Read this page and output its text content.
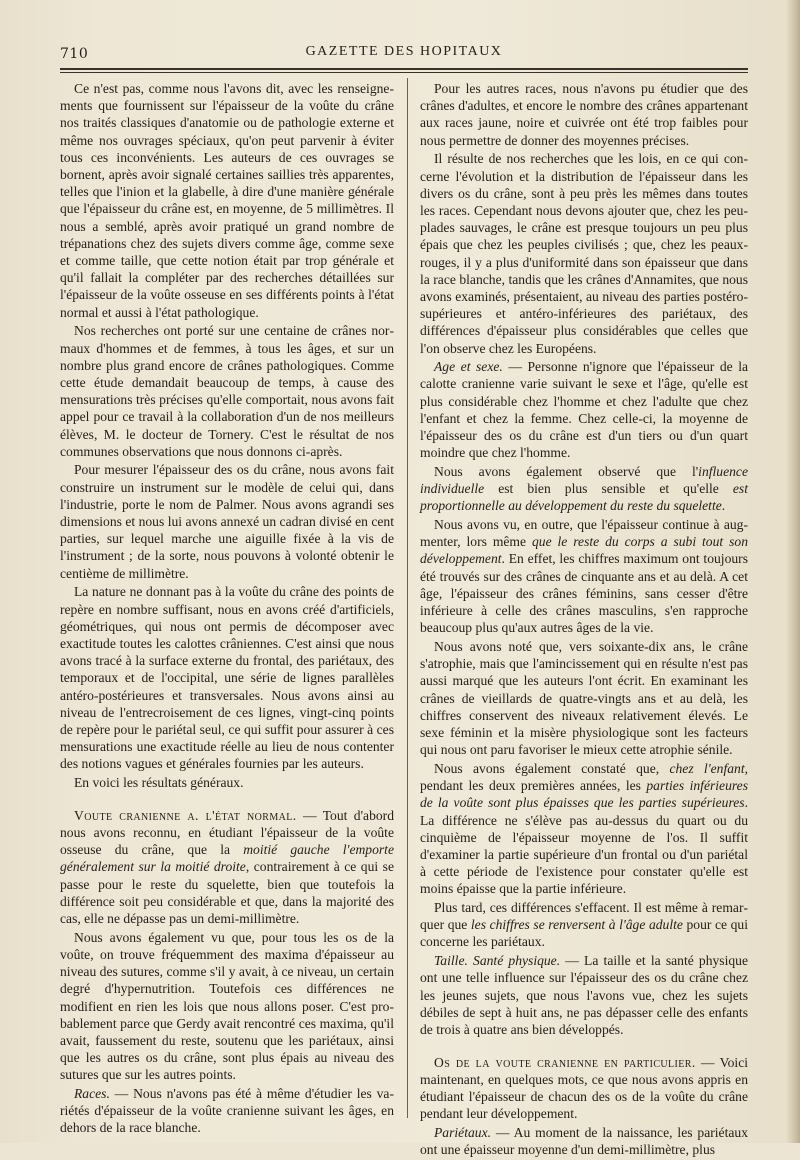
710	GAZETTE DES HOPITAUX

Ce n'est pas, comme nous l'avons dit, avec les renseignements que fournissent sur l'épaisseur de la voûte du crâne nos traités classiques d'anatomie ou de pathologie externe et même nos ouvrages spéciaux, qu'on peut parvenir à éviter tous ces inconvénients. Les auteurs de ces ouvrages se bornent, après avoir signalé certaines saillies très apparentes, telles que l'inion et la glabelle, à dire d'une manière générale que l'épaisseur du crâne est, en moyenne, de 5 millimètres. Il nous a semblé, après avoir pratiqué un grand nombre de trépanations chez des sujets divers comme âge, comme sexe et comme taille, que cette notion était par trop générale et qu'il fallait la compléter par des recherches détaillées sur l'épaisseur de la voûte osseuse en ses différents points à l'état normal et aussi à l'état pathologique.

Nos recherches ont porté sur une centaine de crânes normaux d'hommes et de femmes, à tous les âges, et sur un nombre plus grand encore de crânes pathologiques. Comme cette étude demandait beaucoup de temps, à cause des mensurations très précises qu'elle comportait, nous avons fait appel pour ce travail à la collaboration d'un de nos meilleurs élèves, M. le docteur de Tornery. C'est le résultat de nos communes observations que nous donnons ci-après.

Pour mesurer l'épaisseur des os du crâne, nous avons fait construire un instrument sur le modèle de celui qui, dans l'industrie, porte le nom de Palmer. Nous avons agrandi ses dimensions et nous lui avons annexé un cadran divisé en cent parties, sur lequel marche une aiguille fixée à la vis de l'instrument ; de la sorte, nous pouvons à volonté obtenir le centième de millimètre.

La nature ne donnant pas à la voûte du crâne des points de repère en nombre suffisant, nous en avons créé d'artificiels, géométriques, qui nous ont permis de décomposer avec exactitude toutes les calottes crâniennes. C'est ainsi que nous avons tracé à la surface externe du frontal, des pariétaux, des temporaux et de l'occipital, une série de lignes parallèles antéro-postérieures et transversales. Nous avons ainsi au niveau de l'entrecroisement de ces lignes, vingt-cinq points de repère pour le pariétal seul, ce qui suffit pour assurer à ces mensurations une exactitude réelle au lieu de nous contenter des notions vagues et générales fournies par les auteurs.

En voici les résultats généraux.

Voute cranienne a. l'état normal. — Tout d'abord nous avons reconnu, en étudiant l'épaisseur de la voûte osseuse du crâne, que la moitié gauche l'emporte généralement sur la moitié droite, contrairement à ce qui se passe pour le reste du squelette, bien que toutefois la différence soit peu considérable et que, dans la majorité des cas, elle ne dépasse pas un demi-millimètre.

Nous avons également vu que, pour tous les os de la voûte, on trouve fréquemment des maxima d'épaisseur au niveau des sutures, comme s'il y avait, à ce niveau, un certain degré d'hypernutrition. Toutefois ces différences ne modifient en rien les lois que nous allons poser. C'est probablement parce que Gerdy avait rencontré ces maxima, qu'il avait, faussement du reste, soutenu que les pariétaux, ainsi que les autres os du crâne, sont plus épais au niveau des sutures que sur les autres points.

Races. — Nous n'avons pas été à même d'étudier les variétés d'épaisseur de la voûte cranienne suivant les âges, en dehors de la race blanche.

Pour les autres races, nous n'avons pu étudier que des crânes d'adultes, et encore le nombre des crânes appartenant aux races jaune, noire et cuivrée ont été trop faibles pour nous permettre de donner des moyennes précises.

Il résulte de nos recherches que les lois, en ce qui concerne l'évolution et la distribution de l'épaisseur dans les divers os du crâne, sont à peu près les mêmes dans toutes les races. Cependant nous devons ajouter que, chez les peuplades sauvages, le crâne est presque toujours un peu plus épais que chez les peuples civilisés ; que, chez les peaux-rouges, il y a plus d'uniformité dans son épaisseur que dans la race blanche, tandis que les crânes d'Annamites, que nous avons examinés, présentaient, au niveau des parties postéro-supérieures et antéro-inférieures des pariétaux, des différences d'épaisseur plus considérables que celles que l'on observe chez les Européens.

Age et sexe. — Personne n'ignore que l'épaisseur de la calotte cranienne varie suivant le sexe et l'âge, qu'elle est plus considérable chez l'homme et chez l'adulte que chez l'enfant et chez la femme. Chez celle-ci, la moyenne de l'épaisseur des os du crâne est d'un tiers ou d'un quart moindre que chez l'homme.

Nous avons également observé que l'influence individuelle est bien plus sensible et qu'elle est proportionnelle au développement du reste du squelette.

Nous avons vu, en outre, que l'épaisseur continue à augmenter, lors même que le reste du corps a subi tout son développement. En effet, les chiffres maximum ont toujours été trouvés sur des crânes de cinquante ans et au delà. A cet âge, l'épaisseur des crânes féminins, sans cesser d'être inférieure à celle des crânes masculins, s'en rapproche beaucoup plus qu'aux autres âges de la vie.

Nous avons noté que, vers soixante-dix ans, le crâne s'atrophie, mais que l'amincissement qui en résulte n'est pas aussi marqué que les auteurs l'ont écrit. En examinant les crânes de vieillards de quatre-vingts ans et au delà, les chiffres conservent des niveaux relativement élevés. Le sexe féminin et la misère physiologique sont les facteurs qui nous ont paru favoriser le mieux cette atrophie sénile.

Nous avons également constaté que, chez l'enfant, pendant les deux premières années, les parties inférieures de la voûte sont plus épaisses que les parties supérieures. La différence ne s'élève pas au-dessus du quart ou du cinquième de l'épaisseur moyenne de l'os. Il suffit d'examiner la partie supérieure d'un frontal ou d'un pariétal à cette période de l'existence pour constater qu'elle est moins épaisse que la partie inférieure.

Plus tard, ces différences s'effacent. Il est même à remarquer que les chiffres se renversent à l'âge adulte pour ce qui concerne les pariétaux.

Taille. Santé physique. — La taille et la santé physique ont une telle influence sur l'épaisseur des os du crâne chez les jeunes sujets, que nous l'avons vue, chez les sujets débiles de sept à huit ans, ne pas dépasser celle des enfants de trois à quatre ans bien développés.

Os de la voute cranienne en particulier. — Voici maintenant, en quelques mots, ce que nous avons appris en étudiant l'épaisseur de chacun des os de la voûte du crâne pendant leur développement.

Pariétaux. — Au moment de la naissance, les pariétaux ont une épaisseur moyenne d'un demi-millimètre, plus
